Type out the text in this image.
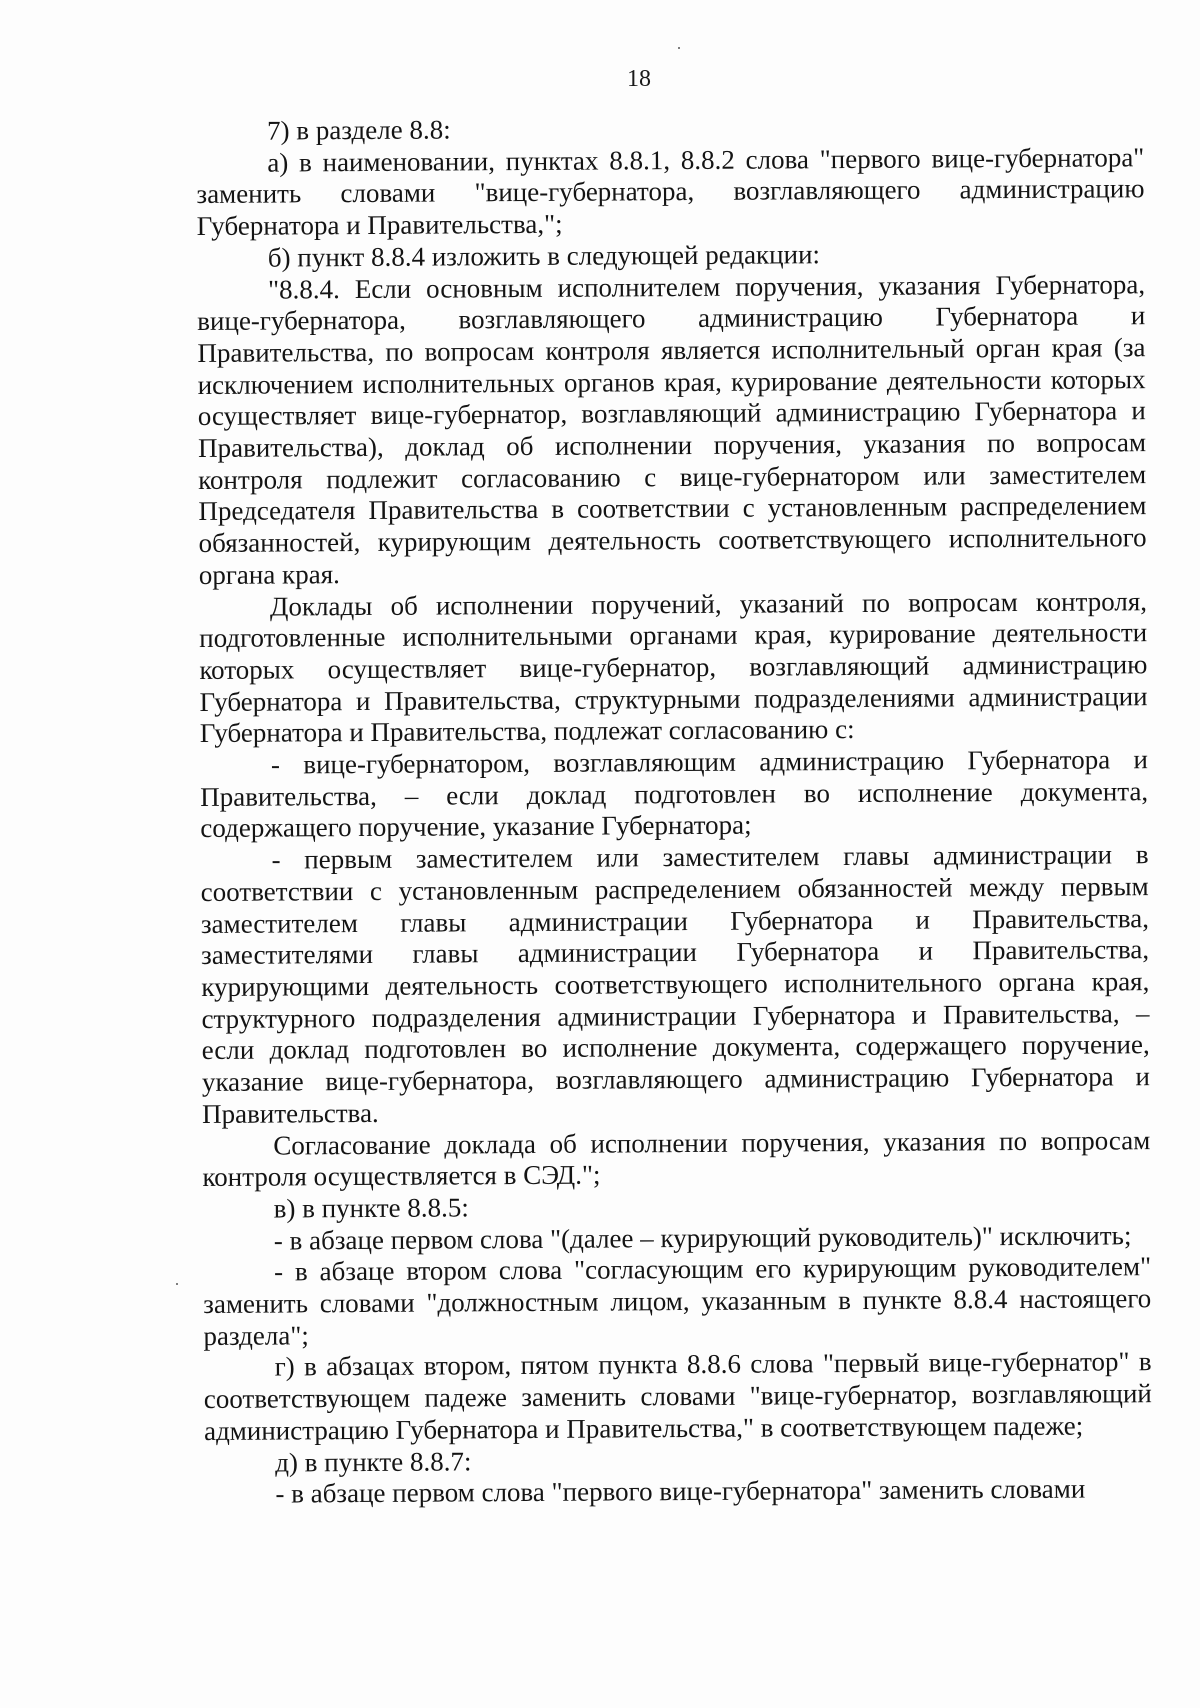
18

7) в разделе 8.8:

а) в наименовании, пунктах 8.8.1, 8.8.2 слова "первого вице-губернатора" заменить словами "вице-губернатора, возглавляющего администрацию Губернатора и Правительства,";

б) пункт 8.8.4 изложить в следующей редакции:

"8.8.4. Если основным исполнителем поручения, указания Губернатора, вице-губернатора, возглавляющего администрацию Губернатора и Правительства, по вопросам контроля является исполнительный орган края (за исключением исполнительных органов края, курирование деятельности которых осуществляет вице-губернатор, возглавляющий администрацию Губернатора и Правительства), доклад об исполнении поручения, указания по вопросам контроля подлежит согласованию с вице-губернатором или заместителем Председателя Правительства в соответствии с установленным распределением обязанностей, курирующим деятельность соответствующего исполнительного органа края.

Доклады об исполнении поручений, указаний по вопросам контроля, подготовленные исполнительными органами края, курирование деятельности которых осуществляет вице-губернатор, возглавляющий администрацию Губернатора и Правительства, структурными подразделениями администрации Губернатора и Правительства, подлежат согласованию с:

- вице-губернатором, возглавляющим администрацию Губернатора и Правительства, – если доклад подготовлен во исполнение документа, содержащего поручение, указание Губернатора;

- первым заместителем или заместителем главы администрации в соответствии с установленным распределением обязанностей между первым заместителем главы администрации Губернатора и Правительства, заместителями главы администрации Губернатора и Правительства, курирующими деятельность соответствующего исполнительного органа края, структурного подразделения администрации Губернатора и Правительства, – если доклад подготовлен во исполнение документа, содержащего поручение, указание вице-губернатора, возглавляющего администрацию Губернатора и Правительства.

Согласование доклада об исполнении поручения, указания по вопросам контроля осуществляется в СЭД.";

в) в пункте 8.8.5:

- в абзаце первом слова "(далее – курирующий руководитель)" исключить;

- в абзаце втором слова "согласующим его курирующим руководителем" заменить словами "должностным лицом, указанным в пункте 8.8.4 настоящего раздела";

г) в абзацах втором, пятом пункта 8.8.6 слова "первый вице-губернатор" в соответствующем падеже заменить словами "вице-губернатор, возглавляющий администрацию Губернатора и Правительства," в соответствующем падеже;

д) в пункте 8.8.7:

- в абзаце первом слова "первого вице-губернатора" заменить словами
